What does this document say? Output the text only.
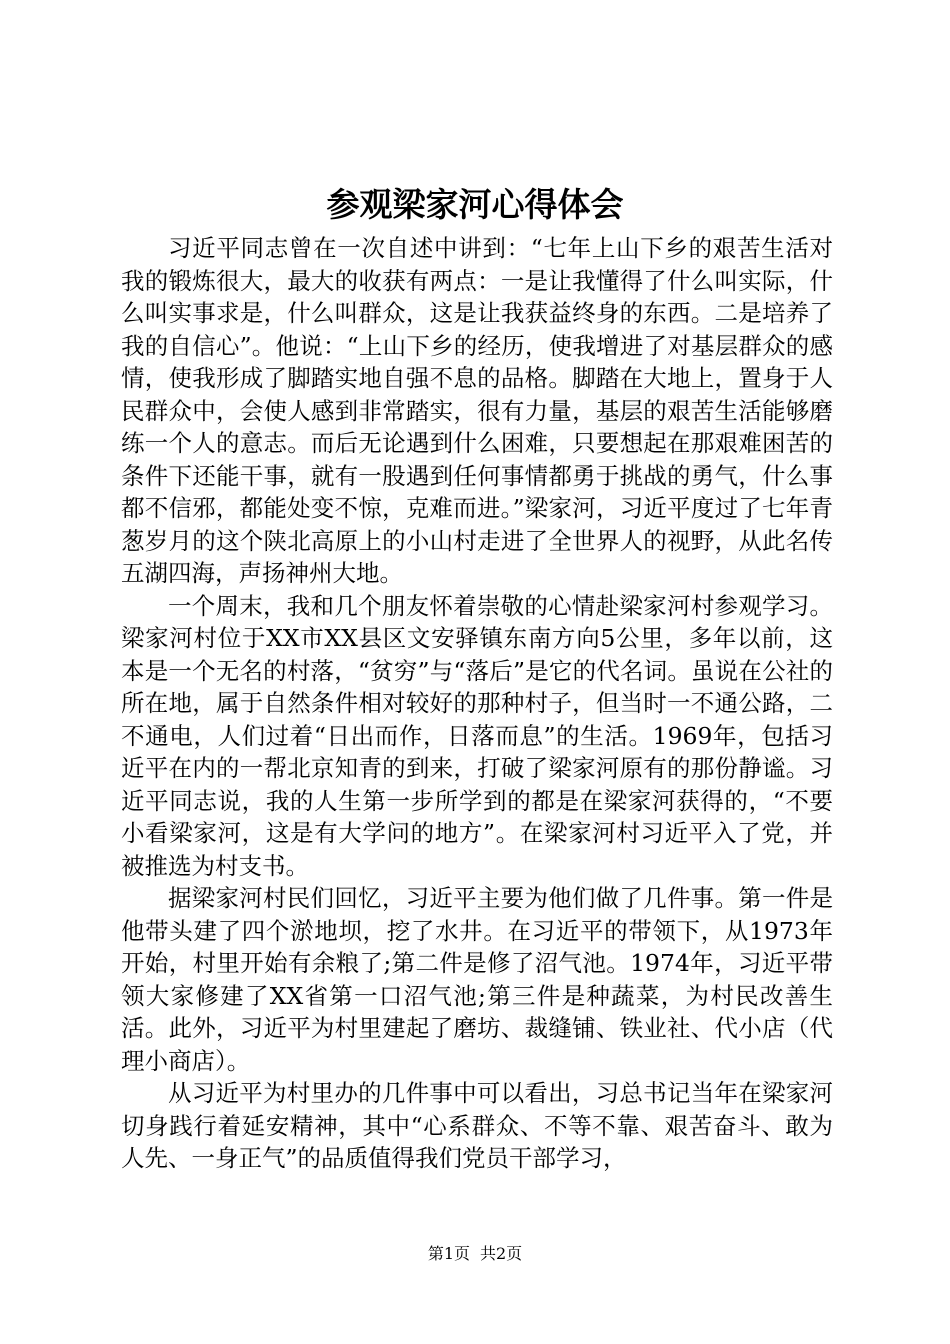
参观梁家河心得体会

习近平同志曾在一次自述中讲到：“七年上山下乡的艰苦生活对我的锻炼很大，最大的收获有两点：一是让我懂得了什么叫实际，什么叫实事求是，什么叫群众，这是让我获益终身的东西。二是培养了我的自信心”。他说：“上山下乡的经历，使我增进了对基层群众的感情，使我形成了脚踏实地自强不息的品格。脚踏在大地上，置身于人民群众中，会使人感到非常踏实，很有力量，基层的艰苦生活能够磨练一个人的意志。而后无论遇到什么困难，只要想起在那艰难困苦的条件下还能干事，就有一股遇到任何事情都勇于挑战的勇气，什么事都不信邪，都能处变不惊，克难而进。”梁家河，习近平度过了七年青葱岁月的这个陕北高原上的小山村走进了全世界人的视野，从此名传五湖四海，声扬神州大地。

一个周末，我和几个朋友怀着崇敬的心情赴梁家河村参观学习。梁家河村位于XX市XX县区文安驿镇东南方向5公里，多年以前，这本是一个无名的村落，“贫穷”与“落后”是它的代名词。虽说在公社的所在地，属于自然条件相对较好的那种村子，但当时一不通公路，二不通电，人们过着“日出而作，日落而息”的生活。1969年，包括习近平在内的一帮北京知青的到来，打破了梁家河原有的那份静谧。习近平同志说，我的人生第一步所学到的都是在梁家河获得的，“不要小看梁家河，这是有大学问的地方”。在梁家河村习近平入了党，并被推选为村支书。

据梁家河村民们回忆，习近平主要为他们做了几件事。第一件是他带头建了四个淤地坝，挖了水井。在习近平的带领下，从1973年开始，村里开始有余粮了;第二件是修了沼气池。1974年，习近平带领大家修建了XX省第一口沼气池;第三件是种蔬菜，为村民改善生活。此外，习近平为村里建起了磨坊、裁缝铺、铁业社、代小店（代理小商店）。

从习近平为村里办的几件事中可以看出，习总书记当年在梁家河切身践行着延安精神，其中“心系群众、不等不靠、艰苦奋斗、敢为人先、一身正气”的品质值得我们党员干部学习，

第1页 共2页
